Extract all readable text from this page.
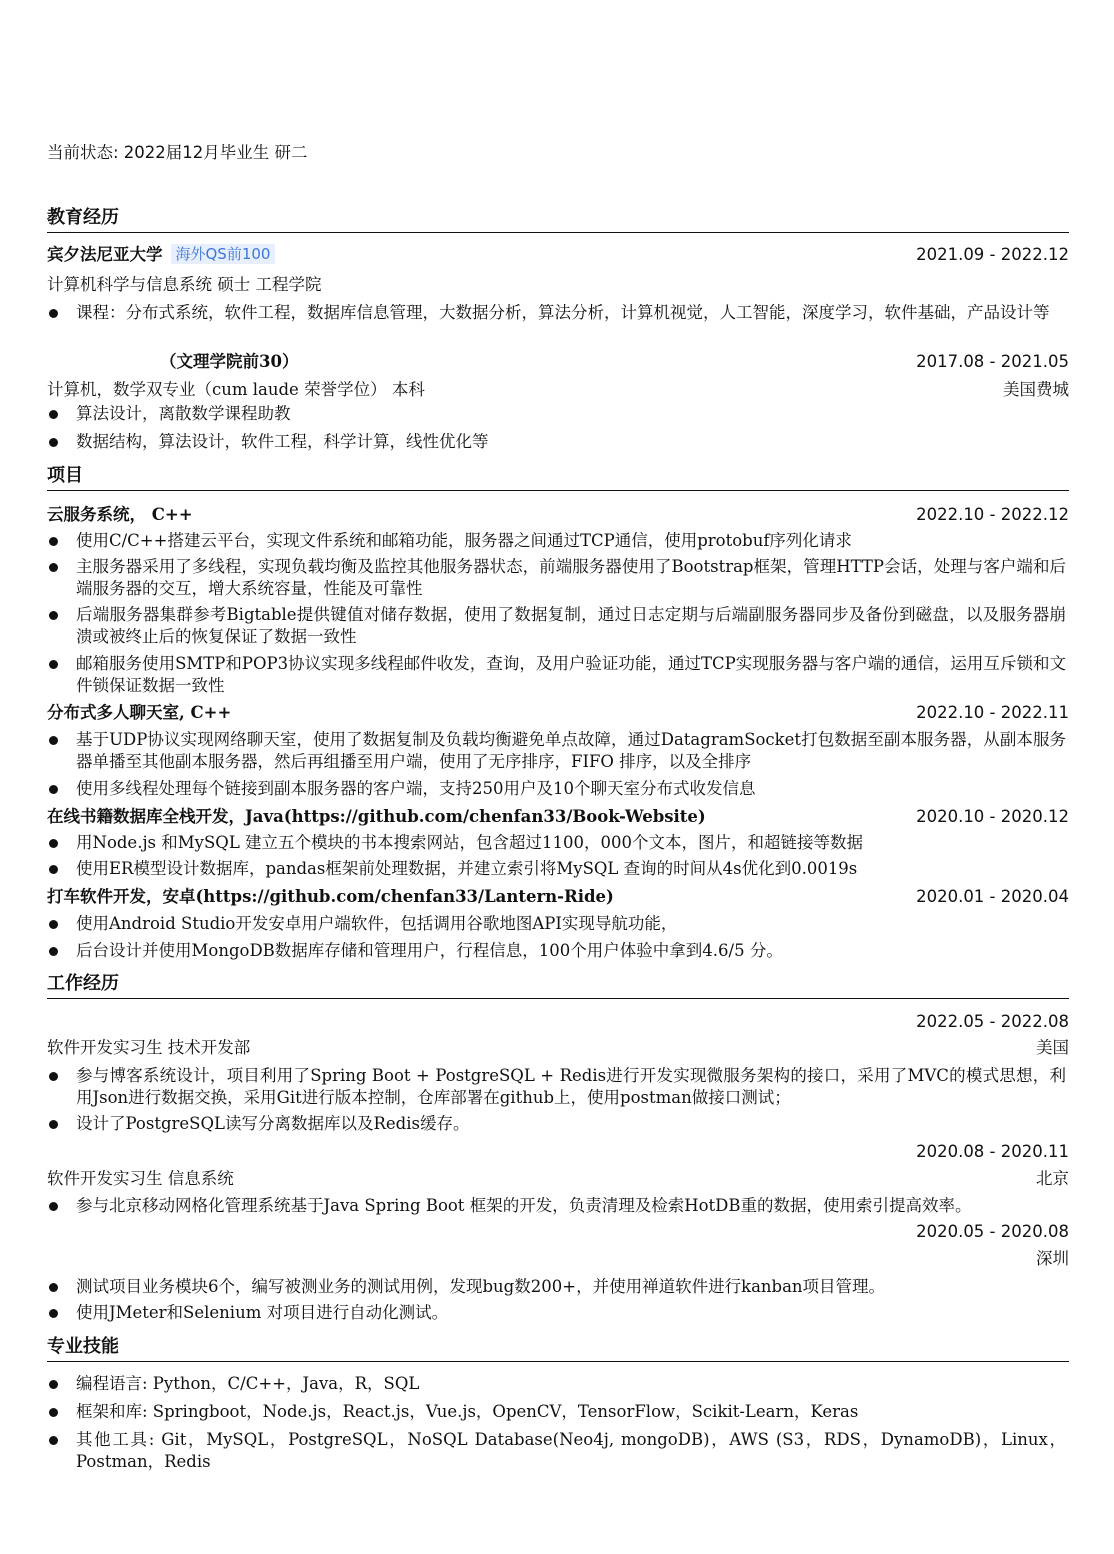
当前状态: 2022届12月毕业生 研二
教育经历
宾夕法尼亚大学 海外QS前100	2021.09 - 2022.12
计算机科学与信息系统 硕士 工程学院
课程：分布式系统，软件工程，数据库信息管理，大数据分析，算法分析，计算机视觉，人工智能，深度学习，软件基础，产品设计等
（文理学院前30）	2017.08 - 2021.05
计算机，数学双专业（cum laude 荣誉学位） 本科	美国费城
算法设计，离散数学课程助教
数据结构，算法设计，软件工程，科学计算，线性优化等
项目
云服务系统， C++	2022.10 - 2022.12
使用C/C++搭建云平台，实现文件系统和邮箱功能，服务器之间通过TCP通信，使用protobuf序列化请求
主服务器采用了多线程，实现负载均衡及监控其他服务器状态，前端服务器使用了Bootstrap框架，管理HTTP会话，处理与客户端和后端服务器的交互，增大系统容量，性能及可靠性
后端服务器集群参考Bigtable提供键值对储存数据，使用了数据复制，通过日志定期与后端副服务器同步及备份到磁盘，以及服务器崩溃或被终止后的恢复保证了数据一致性
邮箱服务使用SMTP和POP3协议实现多线程邮件收发，查询，及用户验证功能，通过TCP实现服务器与客户端的通信，运用互斥锁和文件锁保证数据一致性
分布式多人聊天室, C++	2022.10 - 2022.11
基于UDP协议实现网络聊天室，使用了数据复制及负载均衡避免单点故障，通过DatagramSocket打包数据至副本服务器，从副本服务器单播至其他副本服务器，然后再组播至用户端，使用了无序排序，FIFO 排序，以及全排序
使用多线程处理每个链接到副本服务器的客户端，支持250用户及10个聊天室分布式收发信息
在线书籍数据库全栈开发，Java(https://github.com/chenfan33/Book-Website)	2020.10 - 2020.12
用Node.js 和MySQL 建立五个模块的书本搜索网站，包含超过1100，000个文本，图片，和超链接等数据
使用ER模型设计数据库，pandas框架前处理数据，并建立索引将MySQL 查询的时间从4s优化到0.0019s
打车软件开发，安卓(https://github.com/chenfan33/Lantern-Ride)	2020.01 - 2020.04
使用Android Studio开发安卓用户端软件，包括调用谷歌地图API实现导航功能，
后台设计并使用MongoDB数据库存储和管理用户，行程信息，100个用户体验中拿到4.6/5 分。
工作经历
2022.05 - 2022.08
软件开发实习生 技术开发部	美国
参与博客系统设计，项目利用了Spring Boot + PostgreSQL + Redis进行开发实现微服务架构的接口，采用了MVC的模式思想，利用Json进行数据交换，采用Git进行版本控制，仓库部署在github上，使用postman做接口测试；
设计了PostgreSQL读写分离数据库以及Redis缓存。
2020.08 - 2020.11
软件开发实习生 信息系统	北京
参与北京移动网格化管理系统基于Java Spring Boot 框架的开发，负责清理及检索HotDB重的数据，使用索引提高效率。
2020.05 - 2020.08
深圳
测试项目业务模块6个，编写被测业务的测试用例，发现bug数200+，并使用禅道软件进行kanban项目管理。
使用JMeter和Selenium 对项目进行自动化测试。
专业技能
编程语言: Python，C/C++，Java，R，SQL
框架和库: Springboot，Node.js，React.js，Vue.js，OpenCV，TensorFlow，Scikit-Learn，Keras
其他工具: Git，MySQL，PostgreSQL，NoSQL Database(Neo4j, mongoDB)，AWS (S3，RDS，DynamoDB)，Linux，Postman，Redis
